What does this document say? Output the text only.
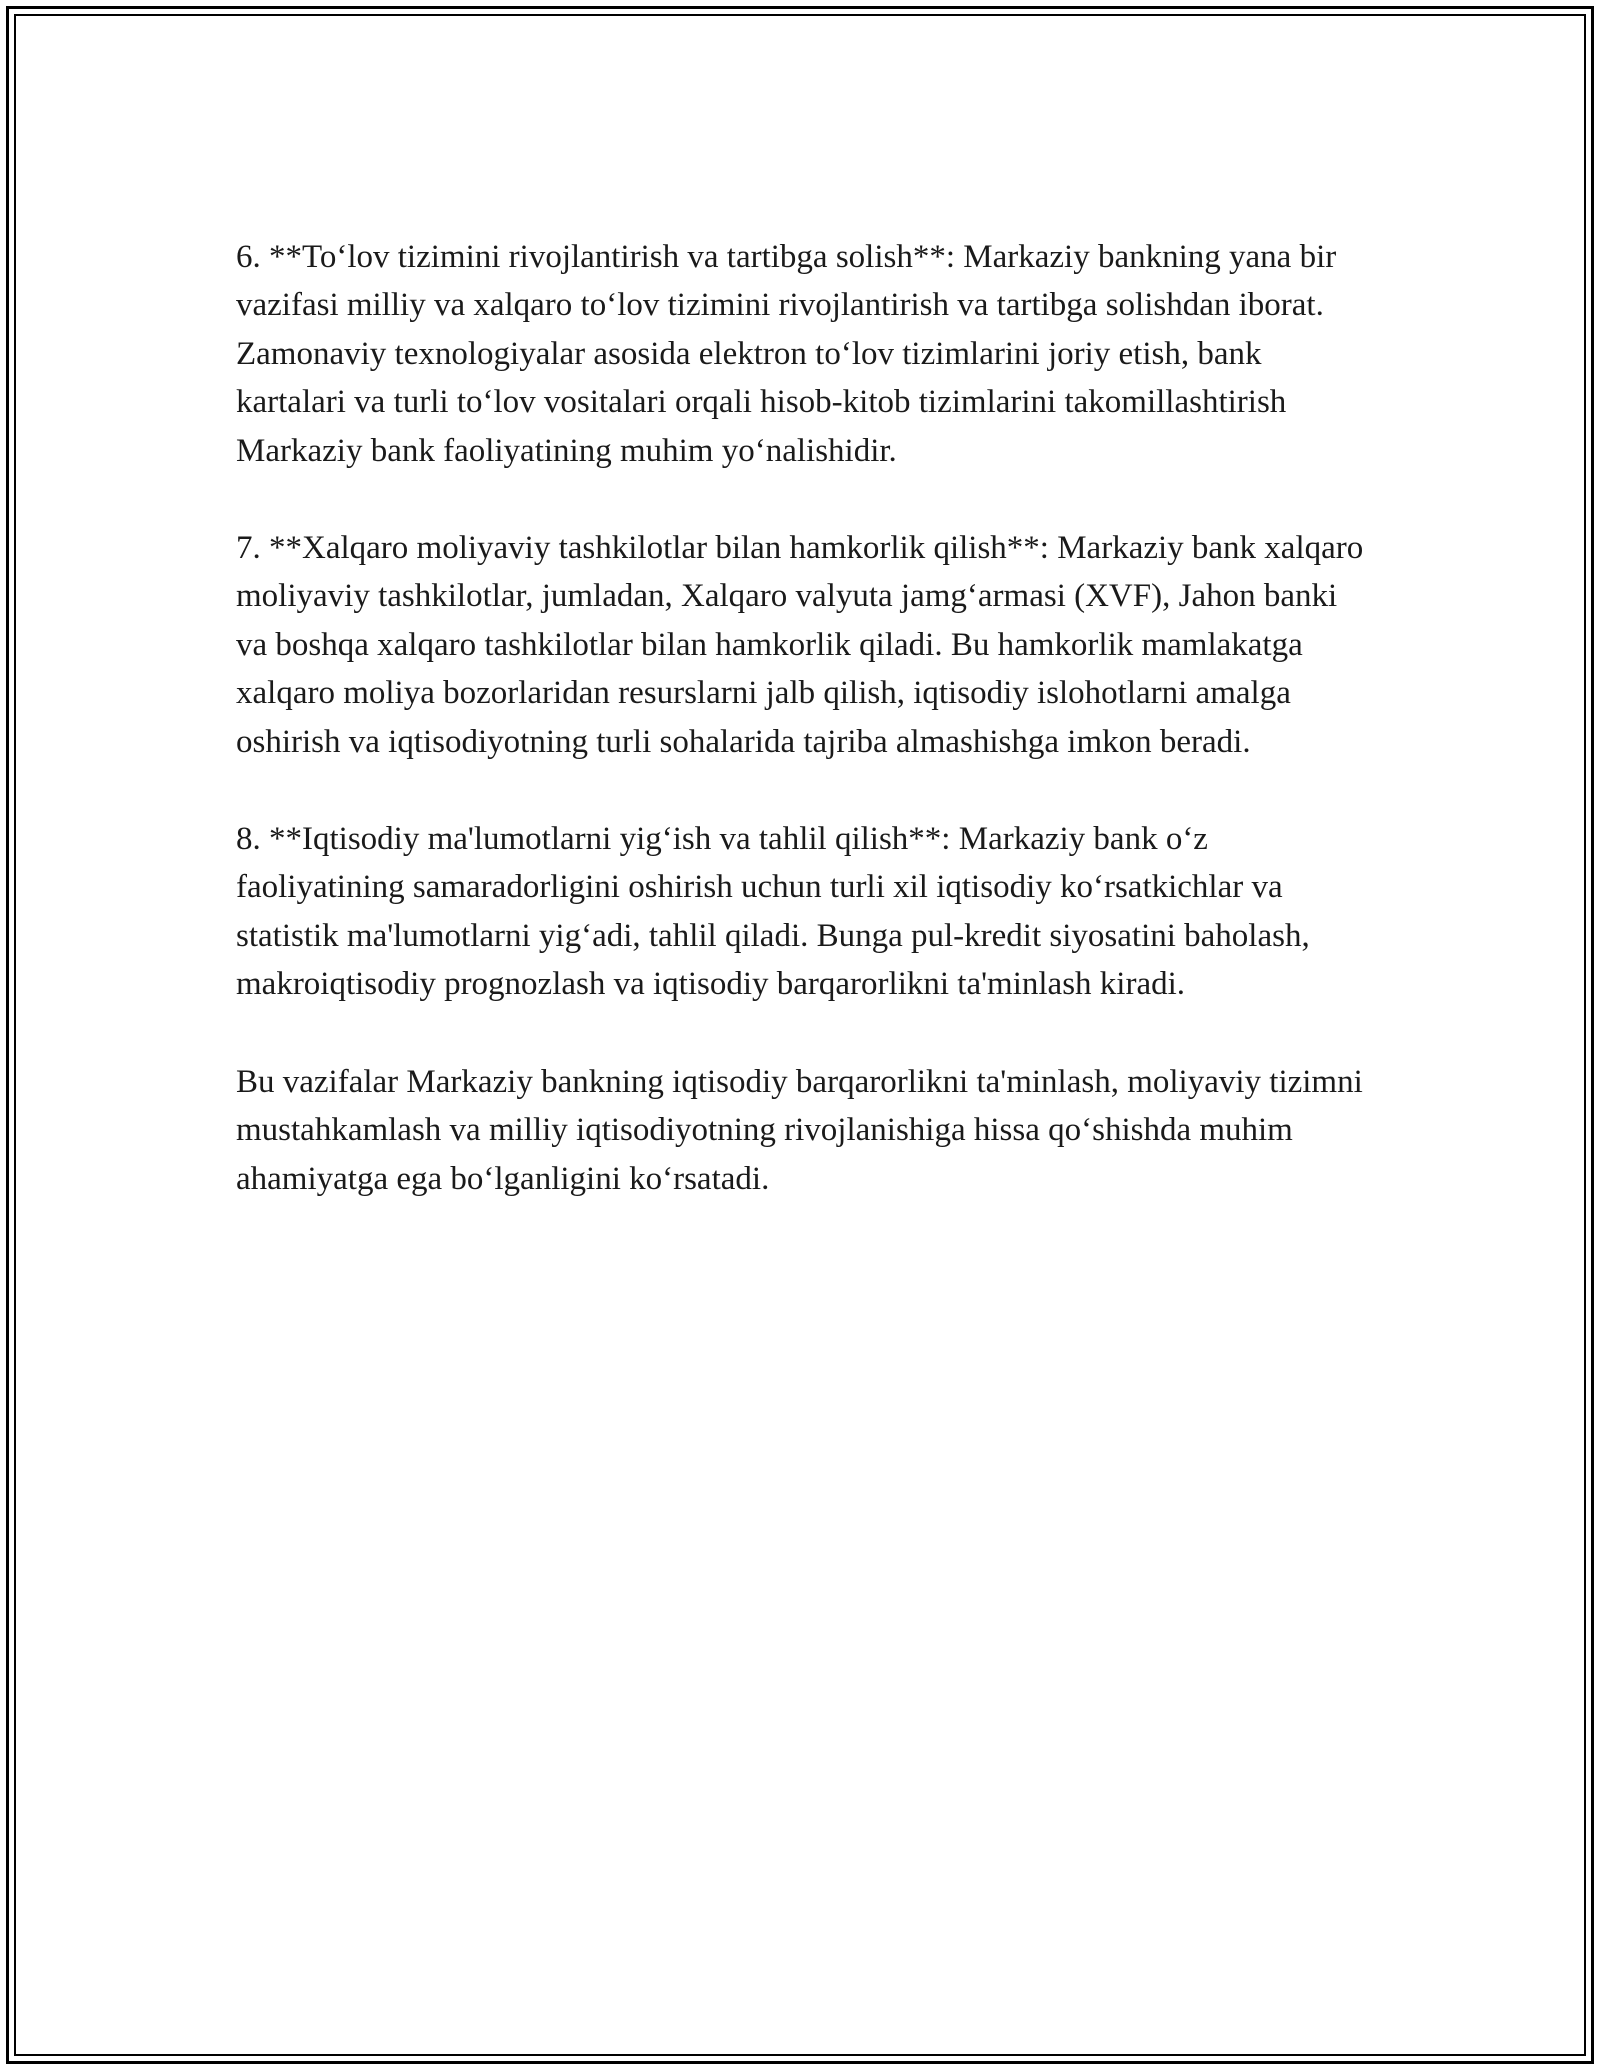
6. **To‘lov tizimini rivojlantirish va tartibga solish**: Markaziy bankning yana bir vazifasi milliy va xalqaro to‘lov tizimini rivojlantirish va tartibga solishdan iborat. Zamonaviy texnologiyalar asosida elektron to‘lov tizimlarini joriy etish, bank kartalari va turli to‘lov vositalari orqali hisob-kitob tizimlarini takomillashtirish Markaziy bank faoliyatining muhim yo‘nalishidir.

7. **Xalqaro moliyaviy tashkilotlar bilan hamkorlik qilish**: Markaziy bank xalqaro moliyaviy tashkilotlar, jumladan, Xalqaro valyuta jamg‘armasi (XVF), Jahon banki va boshqa xalqaro tashkilotlar bilan hamkorlik qiladi. Bu hamkorlik mamlakatga xalqaro moliya bozorlaridan resurslarni jalb qilish, iqtisodiy islohotlarni amalga oshirish va iqtisodiyotning turli sohalarida tajriba almashishga imkon beradi.

8. **Iqtisodiy ma'lumotlarni yig‘ish va tahlil qilish**: Markaziy bank o‘z faoliyatining samaradorligini oshirish uchun turli xil iqtisodiy ko‘rsatkichlar va statistik ma'lumotlarni yig‘adi, tahlil qiladi. Bunga pul-kredit siyosatini baholash, makroiqtisodiy prognozlash va iqtisodiy barqarorlikni ta'minlash kiradi.

Bu vazifalar Markaziy bankning iqtisodiy barqarorlikni ta'minlash, moliyaviy tizimni mustahkamlash va milliy iqtisodiyotning rivojlanishiga hissa qo‘shishda muhim ahamiyatga ega bo‘lganligini ko‘rsatadi.
